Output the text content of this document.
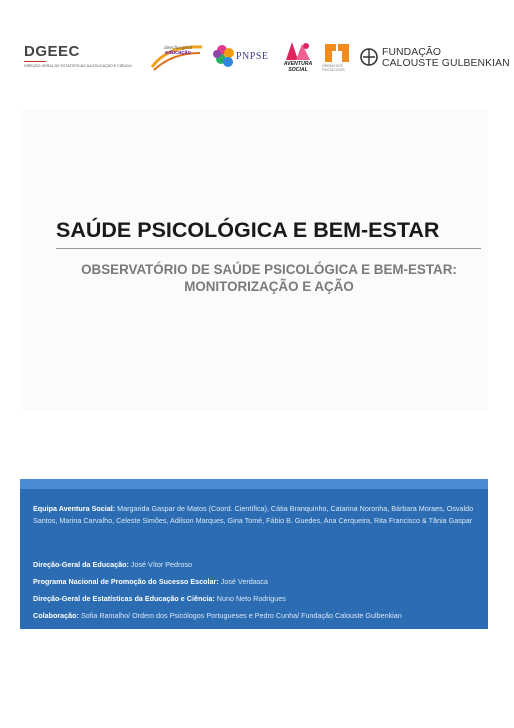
DGEEC
DIREÇÃO-GERAL DE ESTATÍSTICAS DA EDUCAÇÃO E CIÊNCIA
direção-geral
educação	PNPSE
AVENTURA SOCIAL
ORDEM DOS PSICÓLOGOS
FUNDAÇÃO
CALOUSTE GULBENKIAN
SAÚDE PSICOLÓGICA E BEM-ESTAR
OBSERVATÓRIO DE SAÚDE PSICOLÓGICA E BEM-ESTAR:
MONITORIZAÇÃO E AÇÃO

Equipa Aventura Social: Margarida Gaspar de Matos (Coord. Científica), Cátia Branquinho, Catarina Noronha, Bárbara Moraes, Osvaldo Santos, Marina Carvalho, Celeste Simões, Adilson Marques, Gina Tomé, Fábio B. Guedes, Ana Cerqueira, Rita Francisco & Tânia Gaspar

Direção-Geral da Educação: José Vítor Pedroso

Programa Nacional de Promoção do Sucesso Escolar: José Verdasca

Direção-Geral de Estatísticas da Educação e Ciência: Nuno Neto Rodrigues

Colaboração: Sofia Ramalho/ Ordem dos Psicólogos Portugueses e Pedro Cunha/ Fundação Calouste Gulbenkian
